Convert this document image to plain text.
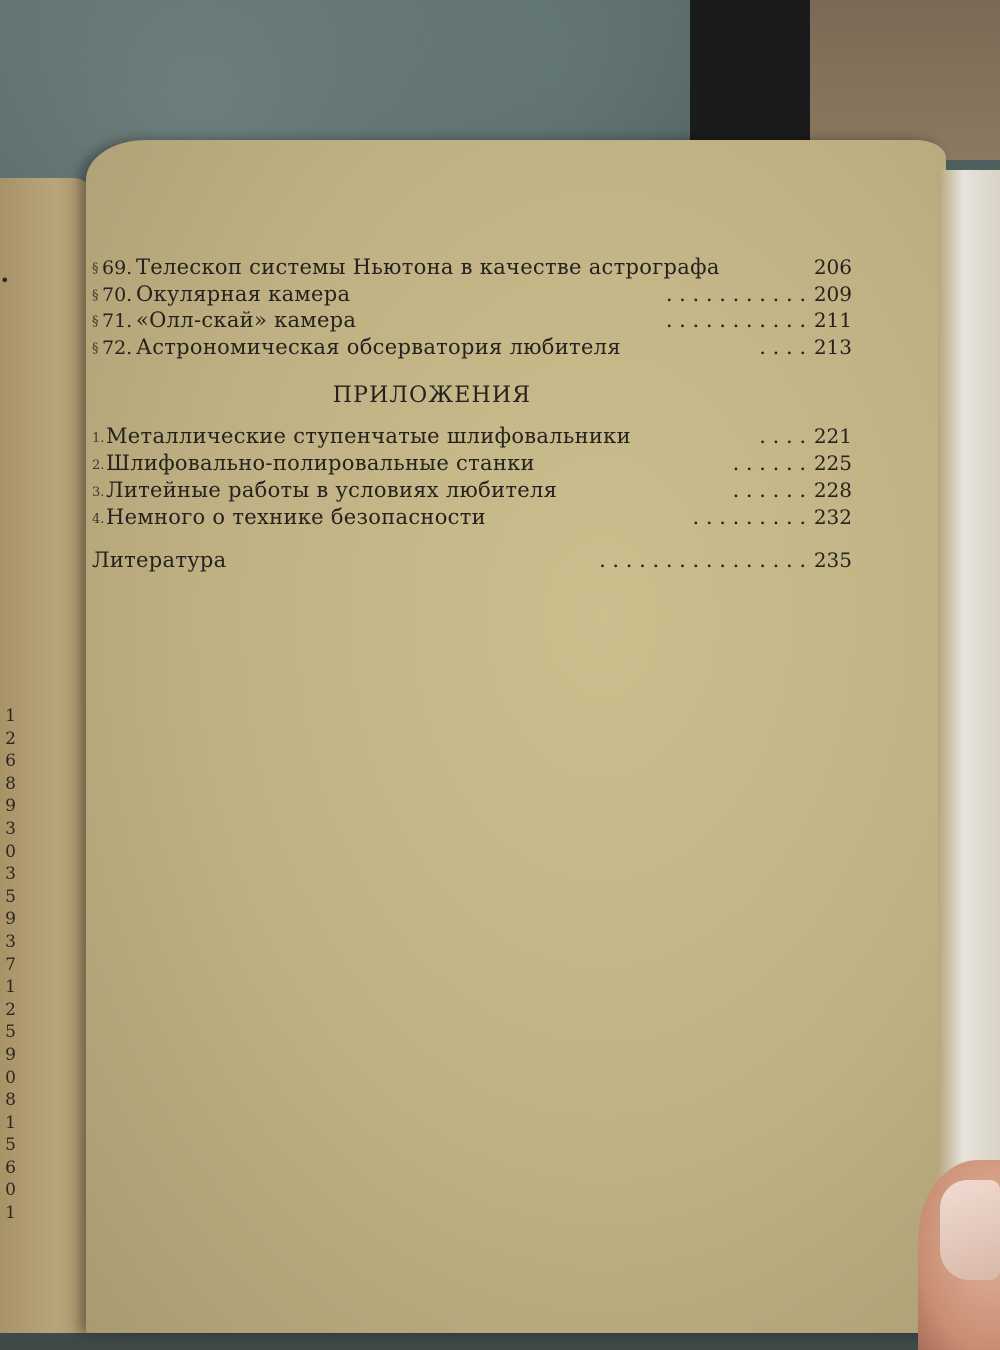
•
1
2
6
8
9
3
0
3
5
9
3
7
1
2
5
9
0
8
1
5
6
0
1
§ 69. Телескоп системы Ньютона в качестве астрографа	206
§ 70. Окулярная камера	. . . . . . . . . . . 209
§ 71. «Олл-скай» камера	. . . . . . . . . . . 211
§ 72. Астрономическая обсерватория любителя	. . . . 213
ПРИЛОЖЕНИЯ
1. Металлические ступенчатые шлифовальники	. . . . 221
2. Шлифовально-полировальные станки	. . . . . . 225
3. Литейные работы в условиях любителя	. . . . . . 228
4. Немного о технике безопасности	. . . . . . . . . 232
Литература	. . . . . . . . . . . . . . . . 235
